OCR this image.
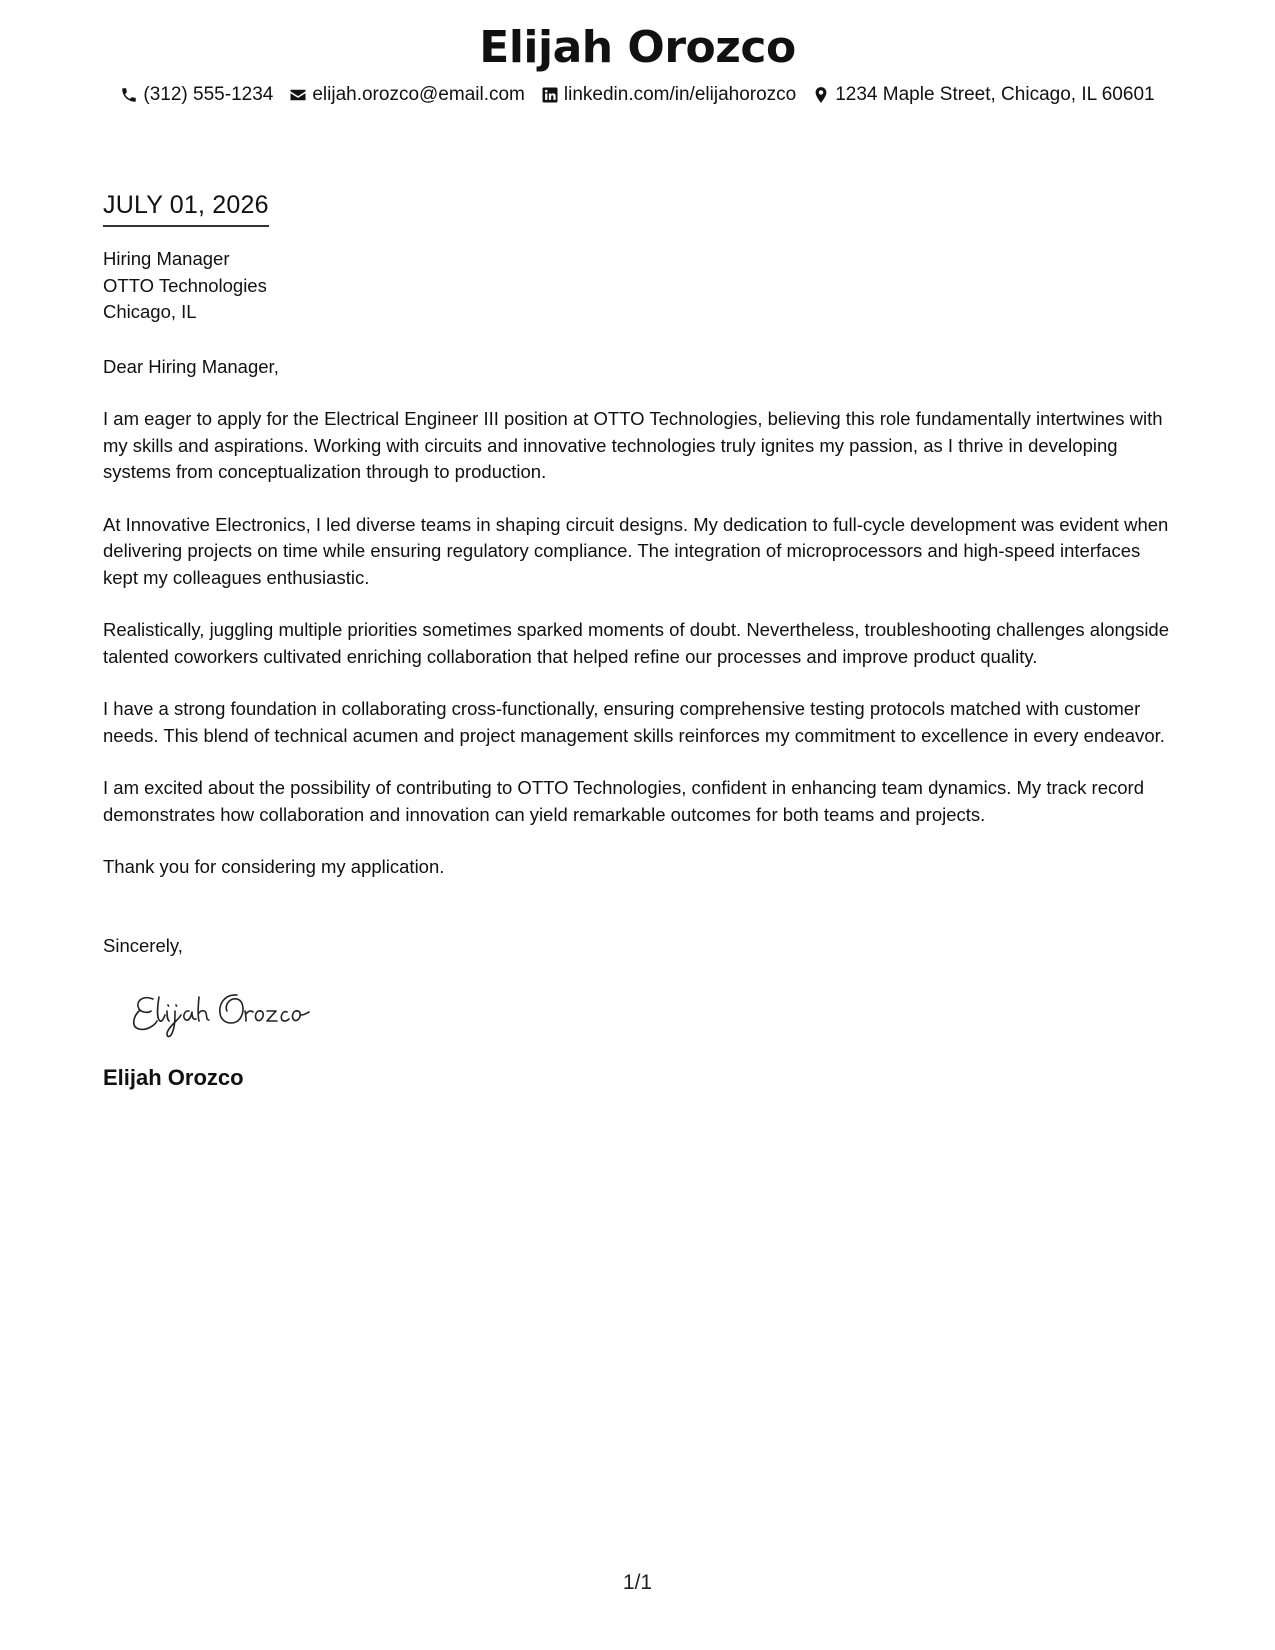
Elijah Orozco
(312) 555-1234 elijah.orozco@email.com linkedin.com/in/elijahorozco 1234 Maple Street, Chicago, IL 60601
JULY 01, 2026
Hiring Manager
OTTO Technologies
Chicago, IL
Dear Hiring Manager,

I am eager to apply for the Electrical Engineer III position at OTTO Technologies, believing this role fundamentally intertwines with my skills and aspirations. Working with circuits and innovative technologies truly ignites my passion, as I thrive in developing systems from conceptualization through to production.

At Innovative Electronics, I led diverse teams in shaping circuit designs. My dedication to full-cycle development was evident when delivering projects on time while ensuring regulatory compliance. The integration of microprocessors and high-speed interfaces kept my colleagues enthusiastic.

Realistically, juggling multiple priorities sometimes sparked moments of doubt. Nevertheless, troubleshooting challenges alongside talented coworkers cultivated enriching collaboration that helped refine our processes and improve product quality.

I have a strong foundation in collaborating cross-functionally, ensuring comprehensive testing protocols matched with customer needs. This blend of technical acumen and project management skills reinforces my commitment to excellence in every endeavor.

I am excited about the possibility of contributing to OTTO Technologies, confident in enhancing team dynamics. My track record demonstrates how collaboration and innovation can yield remarkable outcomes for both teams and projects.

Thank you for considering my application.

Sincerely,
Elijah Orozco
1/1
